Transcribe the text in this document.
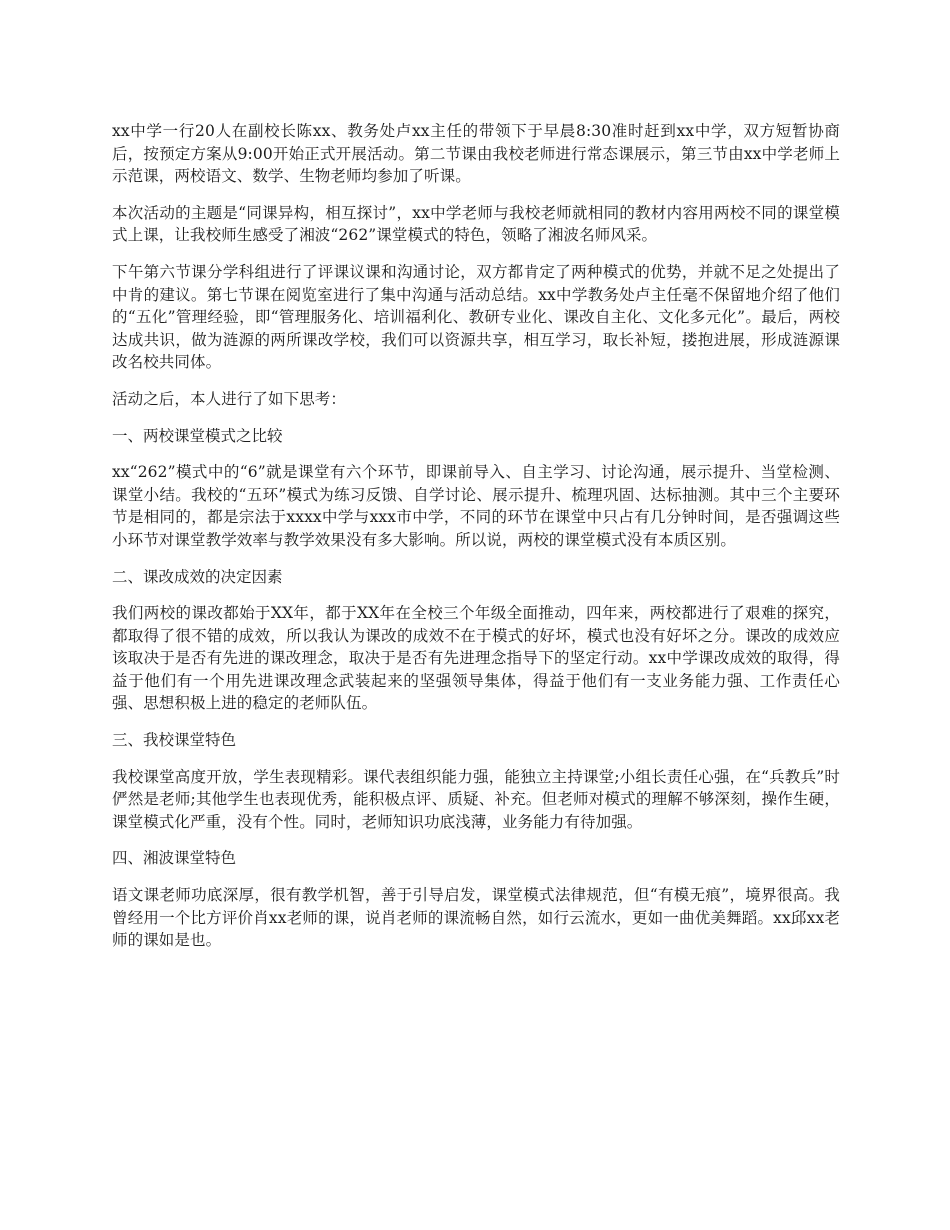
xx中学一行20人在副校长陈xx、教务处卢xx主任的带领下于早晨8:30准时赶到xx中学，双方短暂协商后，按预定方案从9:00开始正式开展活动。第二节课由我校老师进行常态课展示，第三节由xx中学老师上示范课，两校语文、数学、生物老师均参加了听课。

本次活动的主题是“同课异构，相互探讨”，xx中学老师与我校老师就相同的教材内容用两校不同的课堂模式上课，让我校师生感受了湘波“262”课堂模式的特色，领略了湘波名师风采。

下午第六节课分学科组进行了评课议课和沟通讨论，双方都肯定了两种模式的优势，并就不足之处提出了中肯的建议。第七节课在阅览室进行了集中沟通与活动总结。xx中学教务处卢主任毫不保留地介绍了他们的“五化”管理经验，即“管理服务化、培训福利化、教研专业化、课改自主化、文化多元化”。最后，两校达成共识，做为涟源的两所课改学校，我们可以资源共享，相互学习，取长补短，搂抱进展，形成涟源课改名校共同体。

活动之后，本人进行了如下思考：

一、两校课堂模式之比较

xx“262”模式中的“6”就是课堂有六个环节，即课前导入、自主学习、讨论沟通，展示提升、当堂检测、课堂小结。我校的“五环”模式为练习反馈、自学讨论、展示提升、梳理巩固、达标抽测。其中三个主要环节是相同的，都是宗法于xxxx中学与xxx市中学，不同的环节在课堂中只占有几分钟时间，是否强调这些小环节对课堂教学效率与教学效果没有多大影响。所以说，两校的课堂模式没有本质区别。

二、课改成效的决定因素

我们两校的课改都始于XX年，都于XX年在全校三个年级全面推动，四年来，两校都进行了艰难的探究，都取得了很不错的成效，所以我认为课改的成效不在于模式的好坏，模式也没有好坏之分。课改的成效应该取决于是否有先进的课改理念，取决于是否有先进理念指导下的坚定行动。xx中学课改成效的取得，得益于他们有一个用先进课改理念武装起来的坚强领导集体，得益于他们有一支业务能力强、工作责任心强、思想积极上进的稳定的老师队伍。

三、我校课堂特色

我校课堂高度开放，学生表现精彩。课代表组织能力强，能独立主持课堂;小组长责任心强，在“兵教兵”时俨然是老师;其他学生也表现优秀，能积极点评、质疑、补充。但老师对模式的理解不够深刻，操作生硬，课堂模式化严重，没有个性。同时，老师知识功底浅薄，业务能力有待加强。

四、湘波课堂特色

语文课老师功底深厚，很有教学机智，善于引导启发，课堂模式法律规范，但“有模无痕”，境界很高。我曾经用一个比方评价肖xx老师的课，说肖老师的课流畅自然，如行云流水，更如一曲优美舞蹈。xx邱xx老师的课如是也。
